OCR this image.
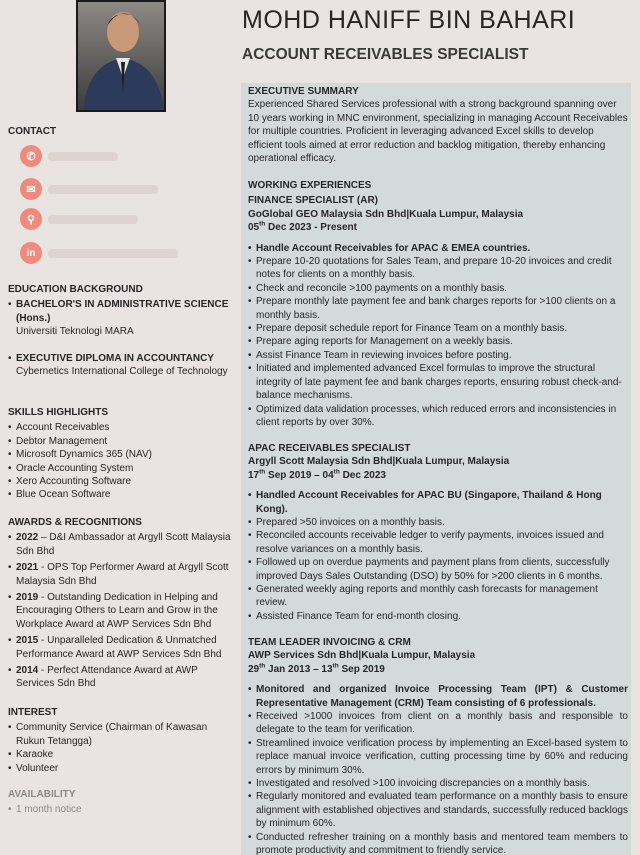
MOHD HANIFF BIN BAHARI
ACCOUNT RECEIVABLES SPECIALIST
CONTACT
✆
✉
⚲
in
EDUCATION BACKGROUND
• BACHELOR'S IN ADMINISTRATIVE SCIENCE (Hons.)
Universiti Teknologi MARA
• EXECUTIVE DIPLOMA IN ACCOUNTANCY
Cybernetics International College of Technology
SKILLS HIGHLIGHTS
• Account Receivables
• Debtor Management
• Microsoft Dynamics 365 (NAV)
• Oracle Accounting System
• Xero Accounting Software
• Blue Ocean Software
AWARDS & RECOGNITIONS
• 2022 – D&I Ambassador at Argyll Scott Malaysia Sdn Bhd
• 2021 - OPS Top Performer Award at Argyll Scott Malaysia Sdn Bhd
• 2019 - Outstanding Dedication in Helping and Encouraging Others to Learn and Grow in the Workplace Award at AWP Services Sdn Bhd
• 2015 - Unparalleled Dedication & Unmatched Performance Award at AWP Services Sdn Bhd
• 2014 - Perfect Attendance Award at AWP Services Sdn Bhd
INTEREST
• Community Service (Chairman of Kawasan Rukun Tetangga)
• Karaoke
• Volunteer
AVAILABILITY
• 1 month notice
EXECUTIVE SUMMARY
Experienced Shared Services professional with a strong background spanning over 10 years working in MNC environment, specializing in managing Account Receivables for multiple countries. Proficient in leveraging advanced Excel skills to develop efficient tools aimed at error reduction and backlog mitigation, thereby enhancing operational efficacy.
WORKING EXPERIENCES
FINANCE SPECIALIST (AR)
GoGlobal GEO Malaysia Sdn Bhd|Kuala Lumpur, Malaysia
05th Dec 2023 - Present
• Handle Account Receivables for APAC & EMEA countries.
• Prepare 10-20 quotations for Sales Team, and prepare 10-20 invoices and credit notes for clients on a monthly basis.
• Check and reconcile >100 payments on a monthly basis.
• Prepare monthly late payment fee and bank charges reports for >100 clients on a monthly basis.
• Prepare deposit schedule report for Finance Team on a monthly basis.
• Prepare aging reports for Management on a weekly basis.
• Assist Finance Team in reviewing invoices before posting.
• Initiated and implemented advanced Excel formulas to improve the structural integrity of late payment fee and bank charges reports, ensuring robust check-and-balance mechanisms.
• Optimized data validation processes, which reduced errors and inconsistencies in client reports by over 30%.
APAC RECEIVABLES SPECIALIST
Argyll Scott Malaysia Sdn Bhd|Kuala Lumpur, Malaysia
17th Sep 2019 – 04th Dec 2023
• Handled Account Receivables for APAC BU (Singapore, Thailand & Hong Kong).
• Prepared >50 invoices on a monthly basis.
• Reconciled accounts receivable ledger to verify payments, invoices issued and resolve variances on a monthly basis.
• Followed up on overdue payments and payment plans from clients, successfully improved Days Sales Outstanding (DSO) by 50% for >200 clients in 6 months.
• Generated weekly aging reports and monthly cash forecasts for management review.
• Assisted Finance Team for end-month closing.
TEAM LEADER INVOICING & CRM
AWP Services Sdn Bhd|Kuala Lumpur, Malaysia
29th Jan 2013 – 13th Sep 2019
• Monitored and organized Invoice Processing Team (IPT) & Customer Representative Management (CRM) Team consisting of 6 professionals.
• Received >1000 invoices from client on a monthly basis and responsible to delegate to the team for verification.
• Streamlined invoice verification process by implementing an Excel-based system to replace manual invoice verification, cutting processing time by 60% and reducing errors by minimum 30%.
• Investigated and resolved >100 invoicing discrepancies on a monthly basis.
• Regularly monitored and evaluated team performance on a monthly basis to ensure alignment with established objectives and standards, successfully reduced backlogs by minimum 60%.
• Conducted refresher training on a monthly basis and mentored team members to promote productivity and commitment to friendly service.
